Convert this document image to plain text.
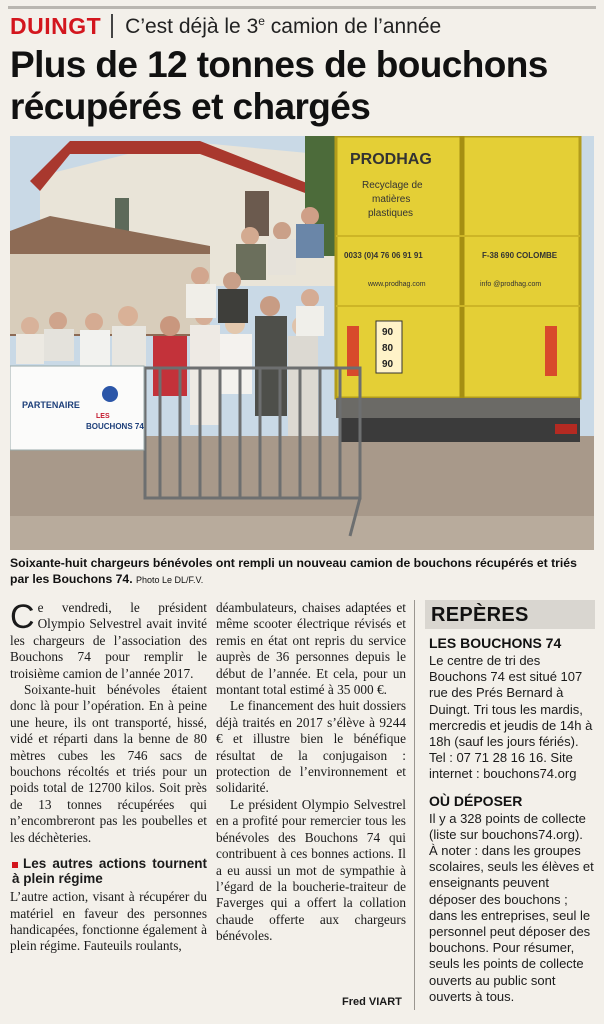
DUINGT C’est déjà le 3e camion de l’année
Plus de 12 tonnes de bouchons
récupérés et chargés
PRODHAG
Recyclage de
matières
plastiques
0033 (0)4 76 06 91 91	F-38 690 COLOMBE
www.prodhag.com	info @prodhag.com
90
80
90
PARTENAIRE
LES
BOUCHONS 74
Soixante-huit chargeurs bénévoles ont rempli un nouveau camion de bouchons récupérés et triés par les Bouchons 74. Photo Le DL/F.V.

Ce vendredi, le président Olympio Selvestrel avait invité les chargeurs de l’association des Bouchons 74 pour remplir le troisième camion de l’année 2017.

Soixante-huit bénévoles étaient donc là pour l’opération. En à peine une heure, ils ont transporté, hissé, vidé et réparti dans la benne de 80 mètres cubes les 746 sacs de bouchons récoltés et triés pour un poids total de 12700 kilos. Soit près de 13 tonnes récupérées qui n’encombreront pas les poubelles et les déchèteries.

Les autres actions tournent à plein régime

L’autre action, visant à récupérer du matériel en faveur des personnes handicapées, fonctionne également à plein régime. Fauteuils roulants,

déambulateurs, chaises adaptées et même scooter électrique révisés et remis en état ont repris du service auprès de 36 personnes depuis le début de l’année. Et cela, pour un montant total estimé à 35 000 €.

Le financement des huit dossiers déjà traités en 2017 s’élève à 9244 € et illustre bien le bénéfique résultat de la conjugaison : protection de l’environnement et solidarité.

Le président Olympio Selvestrel en a profité pour remercier tous les bénévoles des Bouchons 74 qui contribuent à ces bonnes actions. Il a eu aussi un mot de sympathie à l’égard de la boucherie-traiteur de Faverges qui a offert la collation chaude offerte aux chargeurs bénévoles.

Fred VIART
REPÈRES
LES BOUCHONS 74
Le centre de tri des Bouchons 74 est situé 107 rue des Prés Bernard à Duingt. Tri tous les mardis, mercredis et jeudis de 14h à 18h (sauf les jours fériés). Tel : 07 71 28 16 16. Site internet : bouchons74.org
OÙ DÉPOSER
Il y a 328 points de collecte (liste sur bouchons74.org). À noter : dans les groupes scolaires, seuls les élèves et enseignants peuvent déposer des bouchons ; dans les entreprises, seul le personnel peut déposer des bouchons. Pour résumer, seuls les points de collecte ouverts au public sont ouverts à tous.
